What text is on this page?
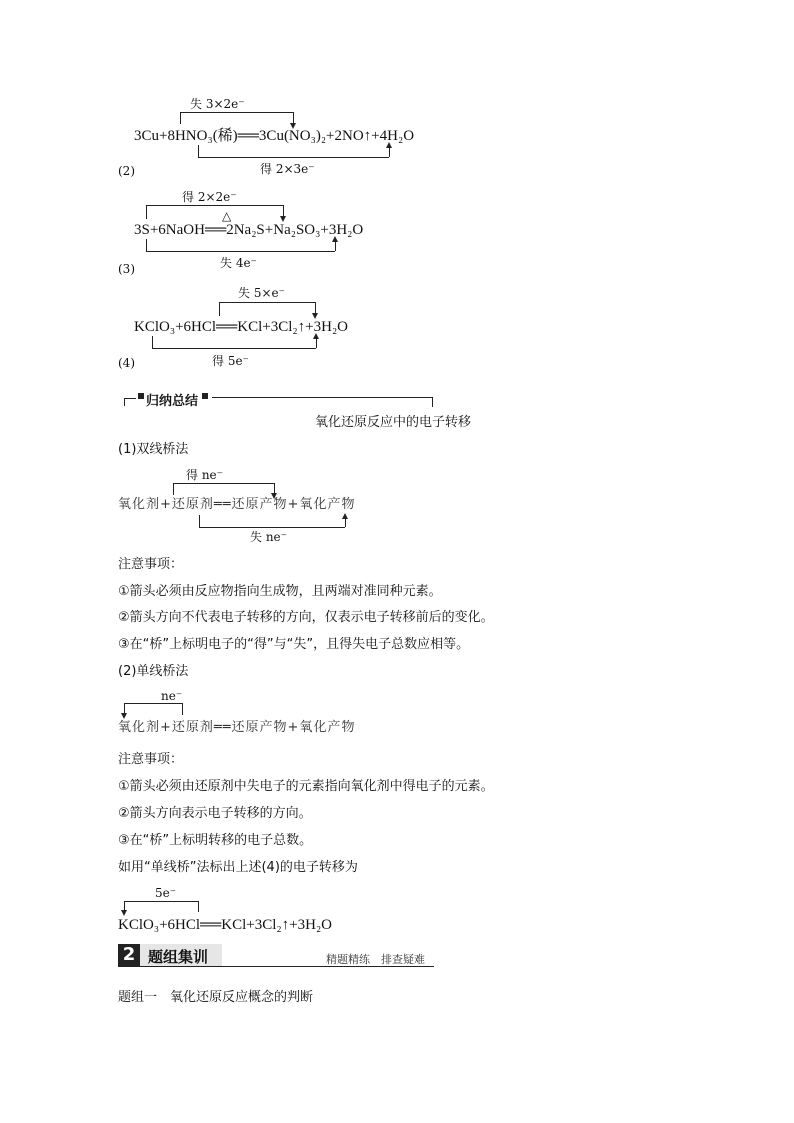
失 3×2e⁻
3Cu+8HNO₃(稀)══3Cu(NO₃)₂+2NO↑+4H₂O
得 2×3e⁻
(2)
得 2×2e⁻
△
3S+6NaOH══2Na₂S+Na₂SO₃+3H₂O
失 4e⁻
(3)
失 5×e⁻
KClO₃+6HCl══KCl+3Cl₂↑+3H₂O
得 5e⁻
(4)
归纳总结
氧化还原反应中的电子转移
(1)双线桥法
得 ne⁻
氧化剂+还原剂══还原产物+氧化产物
失 ne⁻
注意事项：
①箭头必须由反应物指向生成物，且两端对准同种元素。
②箭头方向不代表电子转移的方向，仅表示电子转移前后的变化。
③在“桥”上标明电子的“得”与“失”，且得失电子总数应相等。
(2)单线桥法
ne⁻
氧化剂+还原剂══还原产物+氧化产物
注意事项：
①箭头必须由还原剂中失电子的元素指向氧化剂中得电子的元素。
②箭头方向表示电子转移的方向。
③在“桥”上标明转移的电子总数。
如用“单线桥”法标出上述(4)的电子转移为
5e⁻
KClO₃+6HCl══KCl+3Cl₂↑+3H₂O
2 题组集训	精题精练　排查疑难
题组一　氧化还原反应概念的判断
